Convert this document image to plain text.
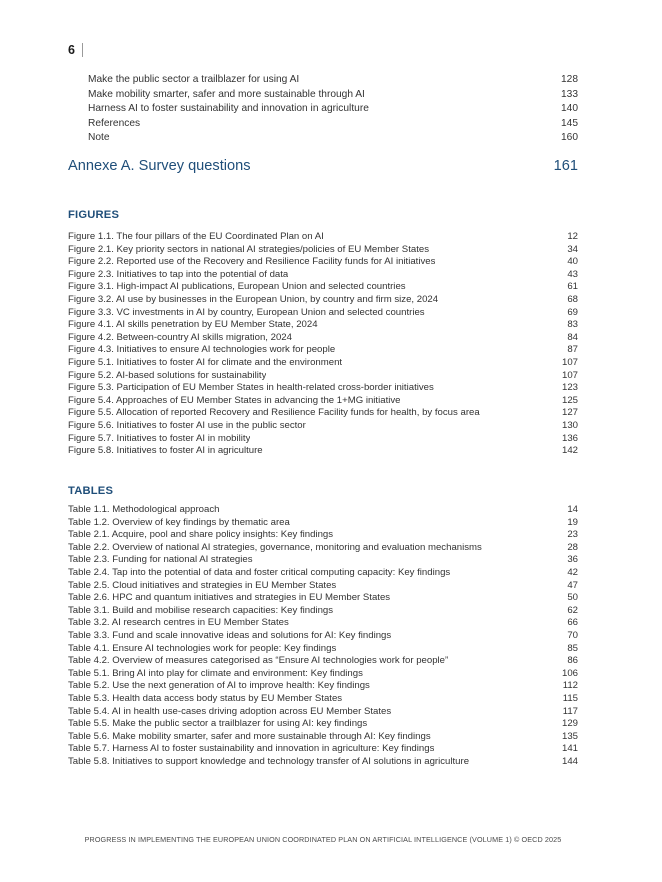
6
Make the public sector a trailblazer for using AI	128
Make mobility smarter, safer and more sustainable through AI	133
Harness AI to foster sustainability and innovation in agriculture	140
References	145
Note	160
Annexe A. Survey questions	161
FIGURES
Figure 1.1. The four pillars of the EU Coordinated Plan on AI	12
Figure 2.1. Key priority sectors in national AI strategies/policies of EU Member States	34
Figure 2.2. Reported use of the Recovery and Resilience Facility funds for AI initiatives	40
Figure 2.3. Initiatives to tap into the potential of data	43
Figure 3.1. High-impact AI publications, European Union and selected countries	61
Figure 3.2. AI use by businesses in the European Union, by country and firm size, 2024	68
Figure 3.3. VC investments in AI by country, European Union and selected countries	69
Figure 4.1. AI skills penetration by EU Member State, 2024	83
Figure 4.2. Between-country AI skills migration, 2024	84
Figure 4.3. Initiatives to ensure AI technologies work for people	87
Figure 5.1. Initiatives to foster AI for climate and the environment	107
Figure 5.2. AI-based solutions for sustainability	107
Figure 5.3. Participation of EU Member States in health-related cross-border initiatives	123
Figure 5.4. Approaches of EU Member States in advancing the 1+MG initiative	125
Figure 5.5. Allocation of reported Recovery and Resilience Facility funds for health, by focus area	127
Figure 5.6. Initiatives to foster AI use in the public sector	130
Figure 5.7. Initiatives to foster AI in mobility	136
Figure 5.8. Initiatives to foster AI in agriculture	142
TABLES
Table 1.1. Methodological approach	14
Table 1.2. Overview of key findings by thematic area	19
Table 2.1. Acquire, pool and share policy insights: Key findings	23
Table 2.2. Overview of national AI strategies, governance, monitoring and evaluation mechanisms	28
Table 2.3. Funding for national AI strategies	36
Table 2.4. Tap into the potential of data and foster critical computing capacity: Key findings	42
Table 2.5. Cloud initiatives and strategies in EU Member States	47
Table 2.6. HPC and quantum initiatives and strategies in EU Member States	50
Table 3.1. Build and mobilise research capacities: Key findings	62
Table 3.2. AI research centres in EU Member States	66
Table 3.3. Fund and scale innovative ideas and solutions for AI: Key findings	70
Table 4.1. Ensure AI technologies work for people: Key findings	85
Table 4.2. Overview of measures categorised as “Ensure AI technologies work for people”	86
Table 5.1. Bring AI into play for climate and environment: Key findings	106
Table 5.2. Use the next generation of AI to improve health: Key findings	112
Table 5.3. Health data access body status by EU Member States	115
Table 5.4. AI in health use-cases driving adoption across EU Member States	117
Table 5.5. Make the public sector a trailblazer for using AI: key findings	129
Table 5.6. Make mobility smarter, safer and more sustainable through AI: Key findings	135
Table 5.7. Harness AI to foster sustainability and innovation in agriculture: Key findings	141
Table 5.8. Initiatives to support knowledge and technology transfer of AI solutions in agriculture	144
PROGRESS IN IMPLEMENTING THE EUROPEAN UNION COORDINATED PLAN ON ARTIFICIAL INTELLIGENCE (VOLUME 1) © OECD 2025
